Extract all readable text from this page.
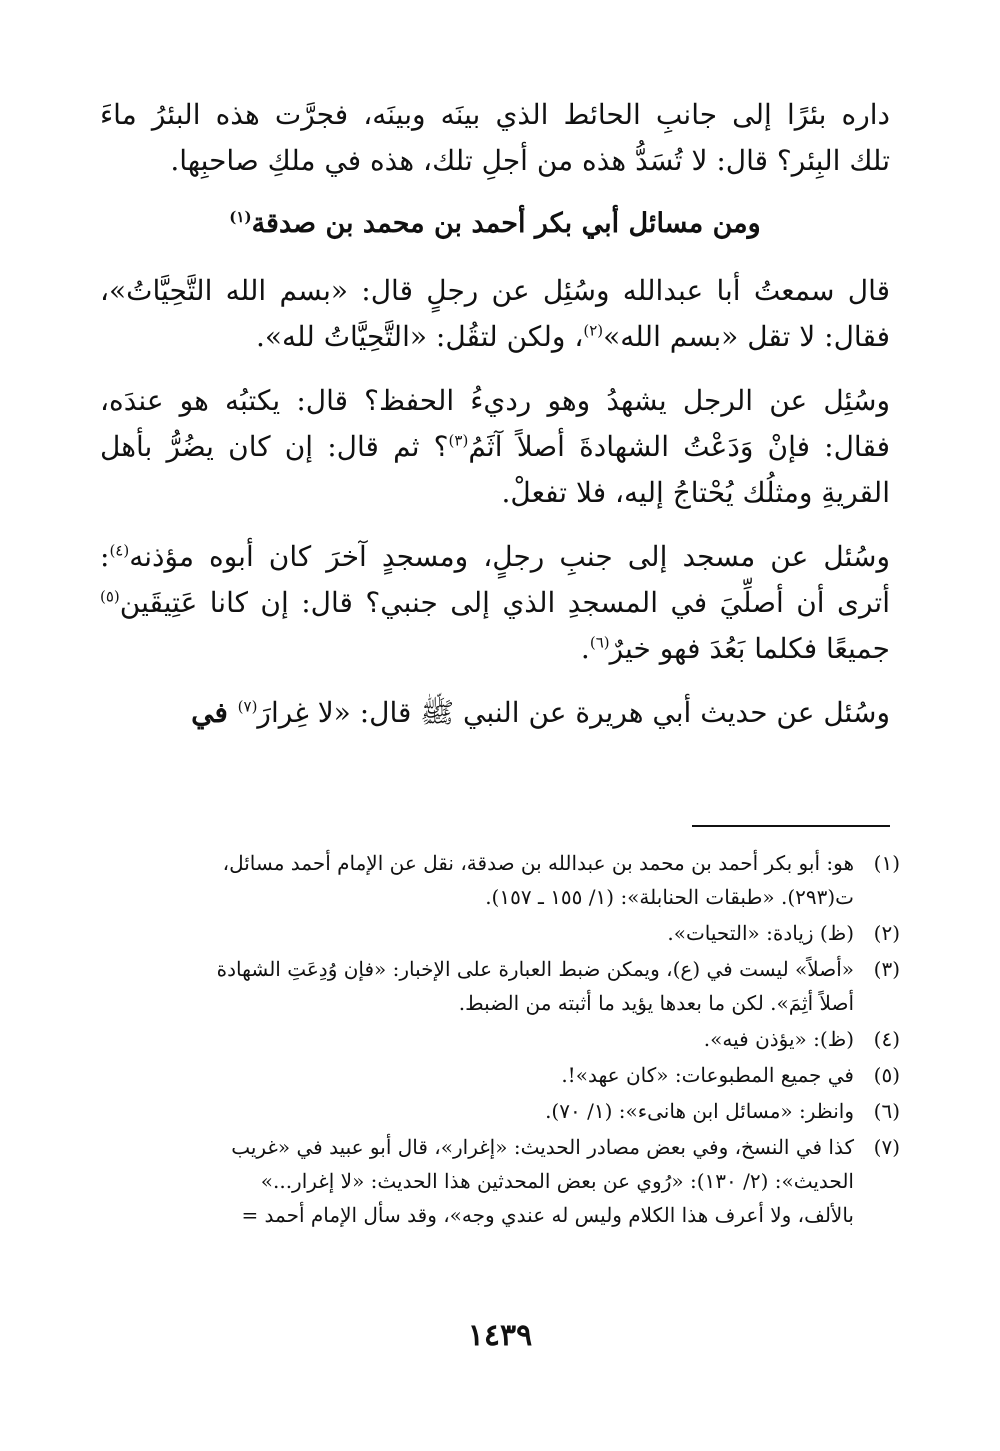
داره بئرًا إلى جانبِ الحائط الذي بينَه وبينَه، فجرَّت هذه البئرُ ماءَ
تلك البِئر؟ قال: لا تُسَدُّ هذه من أجلِ تلك، هذه في ملكِ صاحبِها.
ومن مسائل أبي بكر أحمد بن محمد بن صدقة$^{(١)}$
قال سمعتُ أبا عبدالله وسُئِل عن رجلٍ قال: «بسم الله التَّحِيَّاتُ»،
فقال: لا تقل «بسم الله»$^{(٢)}$، ولكن لتقُل: «التَّحِيَّاتُ لله».
وسُئِل عن الرجل يشهدُ وهو رديءُ الحفظ؟ قال: يكتبُه هو عندَه،
فقال: فإنْ وَدَعْتُ الشهادةَ أصلاً آثَمُ$^{(٣)}$؟ ثم قال: إن كان يضُرُّ بأهل
القريةِ ومثلُك يُحْتاجُ إليه، فلا تفعلْ.
وسُئل عن مسجد إلى جنبِ رجلٍ، ومسجدٍ آخرَ كان أبوه مؤذنه$^{(٤)}$:
أترى أن أصلِّيَ في المسجدِ الذي إلى جنبي؟ قال: إن كانا عَتِيقَين$^{(٥)}$
جميعًا فكلما بَعُدَ فهو خيرٌ$^{(٦)}$.
وسُئل عن حديث أبي هريرة عن النبي ﷺ قال: «لا غِرارَ$^{(٧)}$ في
(١)
هو: أبو بكر أحمد بن محمد بن عبدالله بن صدقة، نقل عن الإمام أحمد مسائل،
ت(٢٩٣). «طبقات الحنابلة»: (١/ ١٥٥ ـ ١٥٧).
(٢)
(ظ) زيادة: «التحيات».
(٣)
«أصلاً» ليست في (ع)، ويمكن ضبط العبارة على الإخبار: «فإن وُدِعَتِ الشهادة
أصلاً أثِمَ». لكن ما بعدها يؤيد ما أثبته من الضبط.
(٤)
(ظ): «يؤذن فيه».
(٥)
في جميع المطبوعات: «كان عهد»!.
(٦)
وانظر: «مسائل ابن هانىء»: (١/ ٧٠).
(٧)
كذا في النسخ، وفي بعض مصادر الحديث: «إغرار»، قال أبو عبيد في «غريب
الحديث»: (٢/ ١٣٠): «رُوي عن بعض المحدثين هذا الحديث: «لا إغرار...»
بالألف، ولا أعرف هذا الكلام وليس له عندي وجه»، وقد سأل الإمام أحمد =
١٤٣٩
